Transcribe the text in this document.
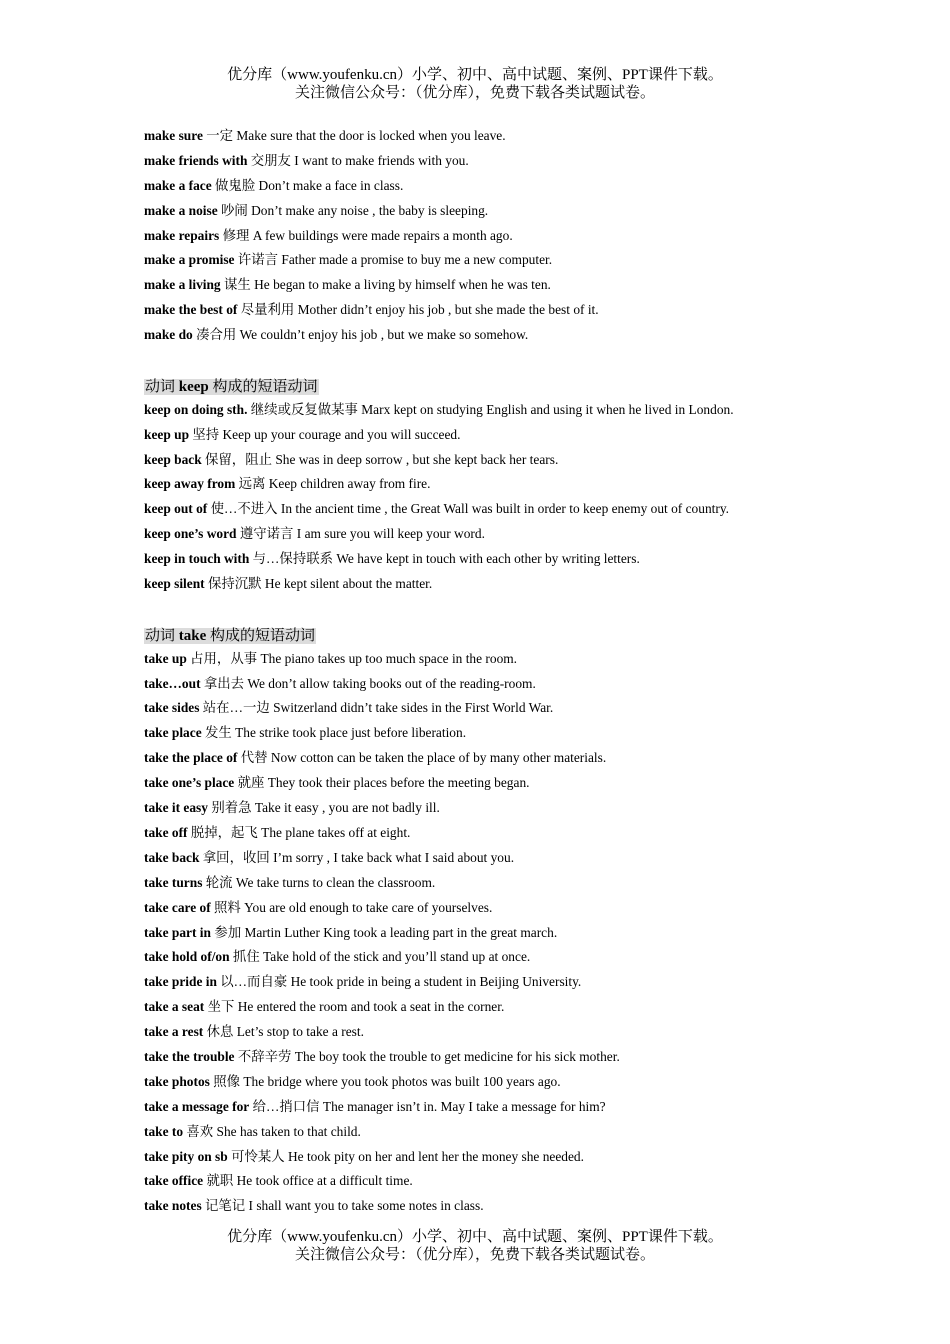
优分库（www.youfenku.cn）小学、初中、高中试题、案例、PPT课件下载。
关注微信公众号：（优分库），免费下载各类试题试卷。
make sure 一定 Make sure that the door is locked when you leave.
make friends with 交朋友 I want to make friends with you.
make a face 做鬼脸 Don’t make a face in class.
make a noise 吵闹 Don’t make any noise , the baby is sleeping.
make repairs 修理 A few buildings were made repairs a month ago.
make a promise 许诺言 Father made a promise to buy me a new computer.
make a living 谋生 He began to make a living by himself when he was ten.
make the best of 尽量利用 Mother didn’t enjoy his job , but she made the best of it.
make do 凑合用 We couldn’t enjoy his job , but we make so somehow.
动词 keep 构成的短语动词
keep on doing sth. 继续或反复做某事 Marx kept on studying English and using it when he lived in London.
keep up 坚持 Keep up your courage and you will succeed.
keep back 保留，阻止 She was in deep sorrow , but she kept back her tears.
keep away from 远离 Keep children away from fire.
keep out of 使…不进入 In the ancient time , the Great Wall was built in order to keep enemy out of country.
keep one’s word 遵守诺言 I am sure you will keep your word.
keep in touch with 与…保持联系 We have kept in touch with each other by writing letters.
keep silent 保持沉默 He kept silent about the matter.
动词 take 构成的短语动词
take up 占用，从事 The piano takes up too much space in the room.
take…out 拿出去 We don’t allow taking books out of the reading-room.
take sides 站在…一边 Switzerland didn’t take sides in the First World War.
take place 发生 The strike took place just before liberation.
take the place of 代替 Now cotton can be taken the place of by many other materials.
take one’s place 就座 They took their places before the meeting began.
take it easy 别着急 Take it easy , you are not badly ill.
take off 脱掉，起飞 The plane takes off at eight.
take back 拿回，收回 I’m sorry , I take back what I said about you.
take turns 轮流 We take turns to clean the classroom.
take care of 照料 You are old enough to take care of yourselves.
take part in 参加 Martin Luther King took a leading part in the great march.
take hold of/on 抓住 Take hold of the stick and you’ll stand up at once.
take pride in 以…而自豪 He took pride in being a student in Beijing University.
take a seat 坐下 He entered the room and took a seat in the corner.
take a rest 休息 Let’s stop to take a rest.
take the trouble 不辞辛劳 The boy took the trouble to get medicine for his sick mother.
take photos 照像 The bridge where you took photos was built 100 years ago.
take a message for 给…捎口信 The manager isn’t in. May I take a message for him?
take to 喜欢 She has taken to that child.
take pity on sb 可怜某人 He took pity on her and lent her the money she needed.
take office 就职 He took office at a difficult time.
take notes 记笔记 I shall want you to take some notes in class.
优分库（www.youfenku.cn）小学、初中、高中试题、案例、PPT课件下载。
关注微信公众号：（优分库），免费下载各类试题试卷。
